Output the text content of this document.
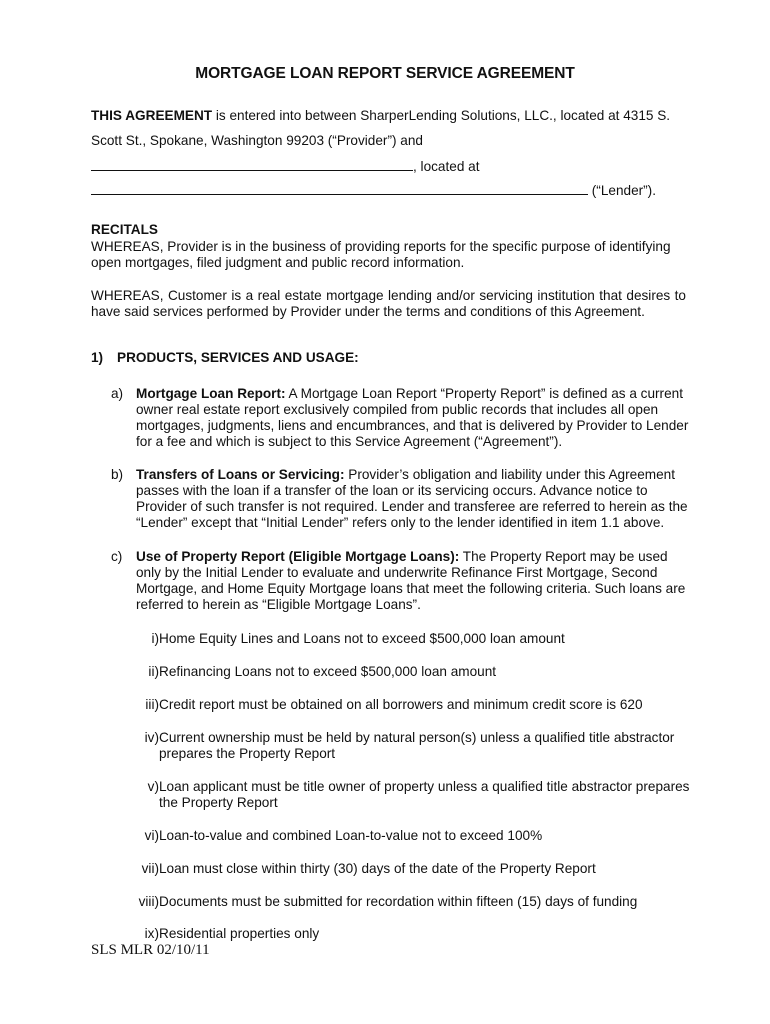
MORTGAGE LOAN REPORT SERVICE AGREEMENT
THIS AGREEMENT is entered into between SharperLending Solutions, LLC., located at 4315 S.
Scott St., Spokane, Washington 99203 (“Provider”) and
, located at
(“Lender”).
RECITALS
WHEREAS, Provider is in the business of providing reports for the specific purpose of identifying open mortgages, filed judgment and public record information.
WHEREAS, Customer is a real estate mortgage lending and/or servicing institution that desires to have said services performed by Provider under the terms and conditions of this Agreement.
1) PRODUCTS, SERVICES AND USAGE:
a) Mortgage Loan Report: A Mortgage Loan Report “Property Report” is defined as a current owner real estate report exclusively compiled from public records that includes all open mortgages, judgments, liens and encumbrances, and that is delivered by Provider to Lender for a fee and which is subject to this Service Agreement (“Agreement”).
b) Transfers of Loans or Servicing: Provider’s obligation and liability under this Agreement passes with the loan if a transfer of the loan or its servicing occurs. Advance notice to Provider of such transfer is not required. Lender and transferee are referred to herein as the “Lender” except that “Initial Lender” refers only to the lender identified in item 1.1 above.
c) Use of Property Report (Eligible Mortgage Loans): The Property Report may be used only by the Initial Lender to evaluate and underwrite Refinance First Mortgage, Second Mortgage, and Home Equity Mortgage loans that meet the following criteria. Such loans are referred to herein as “Eligible Mortgage Loans”.
i) Home Equity Lines and Loans not to exceed $500,000 loan amount
ii) Refinancing Loans not to exceed $500,000 loan amount
iii) Credit report must be obtained on all borrowers and minimum credit score is 620
iv) Current ownership must be held by natural person(s) unless a qualified title abstractor prepares the Property Report
v) Loan applicant must be title owner of property unless a qualified title abstractor prepares the Property Report
vi) Loan-to-value and combined Loan-to-value not to exceed 100%
vii) Loan must close within thirty (30) days of the date of the Property Report
viii) Documents must be submitted for recordation within fifteen (15) days of funding
ix) Residential properties only
SLS MLR 02/10/11
